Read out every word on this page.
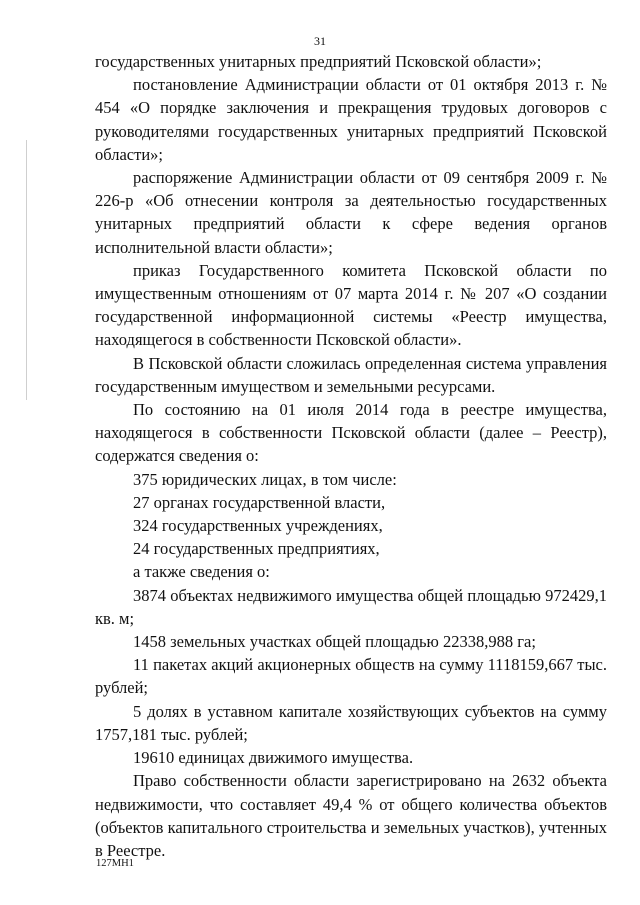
31

государственных унитарных предприятий Псковской области»;

постановление Администрации области от 01 октября 2013 г. № 454 «О порядке заключения и прекращения трудовых договоров с руководителями государственных унитарных предприятий Псковской области»;

распоряжение Администрации области от 09 сентября 2009 г. № 226-р «Об отнесении контроля за деятельностью государственных унитарных предприятий области к сфере ведения органов исполнительной власти области»;

приказ Государственного комитета Псковской области по имущественным отношениям от 07 марта 2014 г. № 207 «О создании государственной информационной системы «Реестр имущества, находящегося в собственности Псковской области».

В Псковской области сложилась определенная система управления государственным имуществом и земельными ресурсами.

По состоянию на 01 июля 2014 года в реестре имущества, находящегося в собственности Псковской области (далее – Реестр), содержатся сведения о:

375 юридических лицах, в том числе:

27 органах государственной власти,

324 государственных учреждениях,

24 государственных предприятиях,

а также сведения о:

3874 объектах недвижимого имущества общей площадью 972429,1 кв. м;

1458 земельных участках общей площадью 22338,988 га;

11 пакетах акций акционерных обществ на сумму 1118159,667 тыс. рублей;

5 долях в уставном капитале хозяйствующих субъектов на сумму 1757,181 тыс. рублей;

19610 единицах движимого имущества.

Право собственности области зарегистрировано на 2632 объекта недвижимости, что составляет 49,4 % от общего количества объектов (объектов капитального строительства и земельных участков), учтенных в Реестре.

127МН1
